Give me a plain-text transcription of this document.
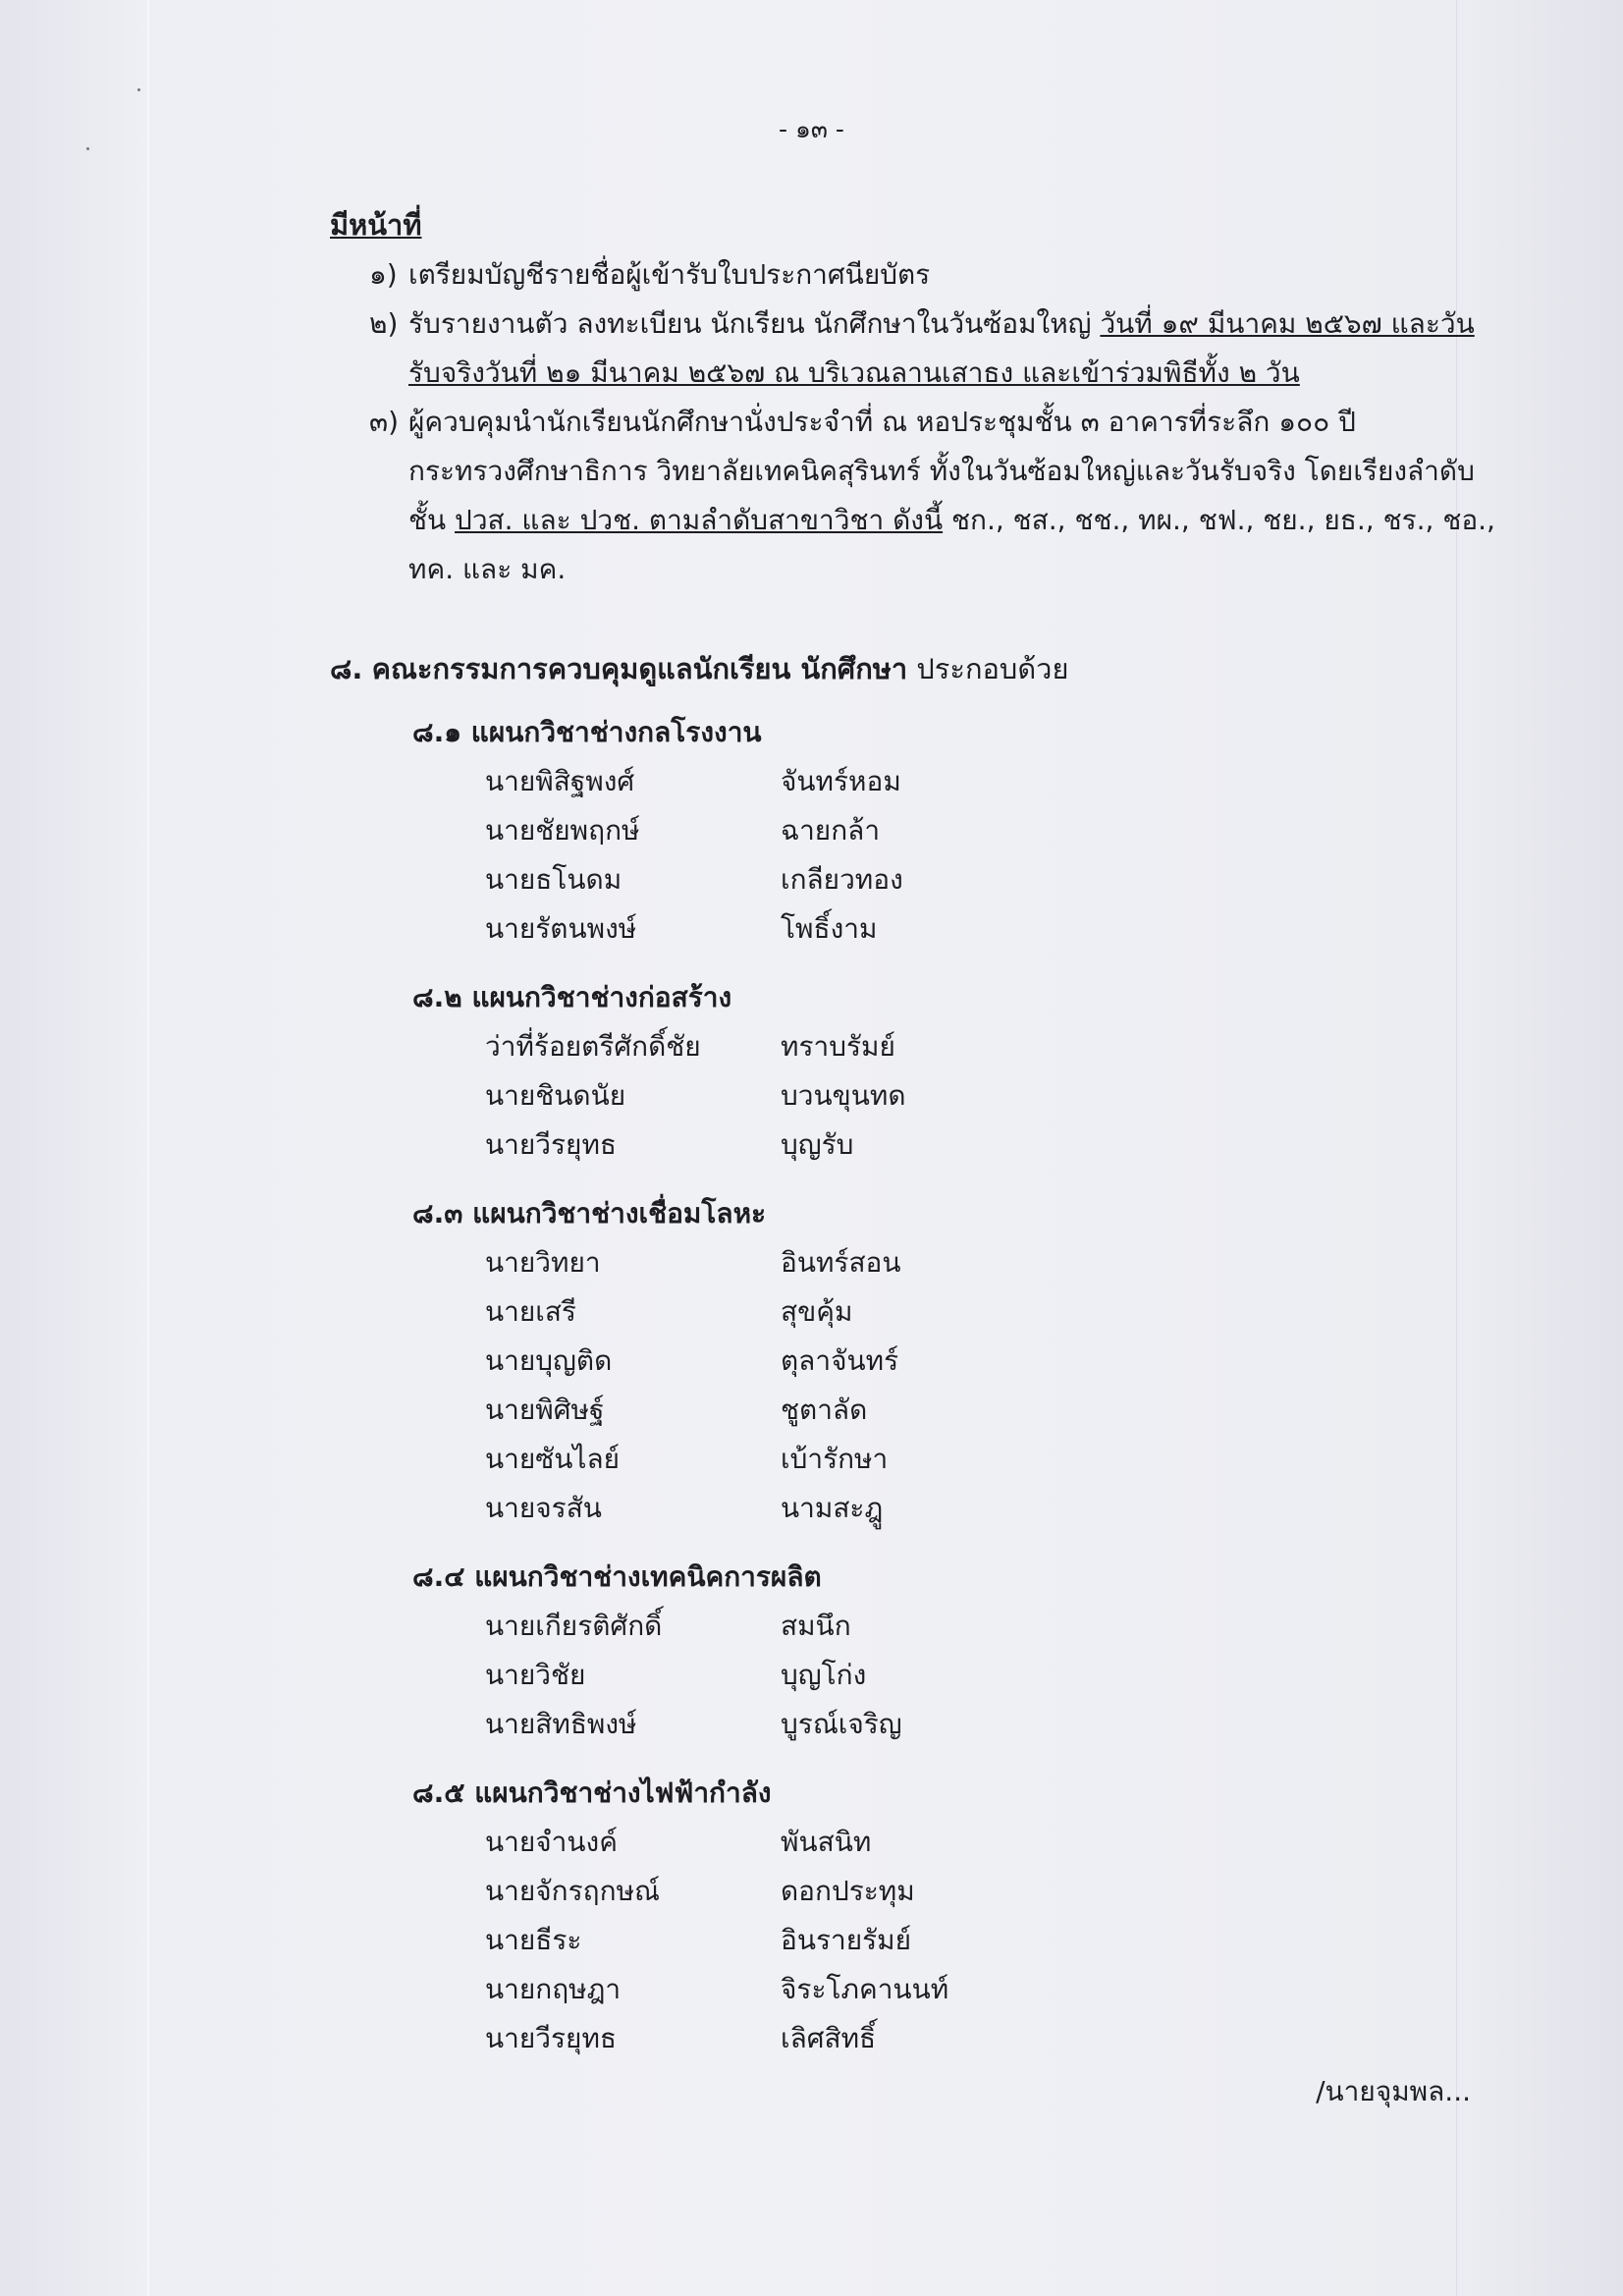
- ๑๓ -
มีหน้าที่
๑) เตรียมบัญชีรายชื่อผู้เข้ารับใบประกาศนียบัตร
๒) รับรายงานตัว ลงทะเบียน นักเรียน นักศึกษาในวันซ้อมใหญ่ วันที่ ๑๙ มีนาคม ๒๕๖๗ และวัน
รับจริงวันที่ ๒๑ มีนาคม ๒๕๖๗ ณ บริเวณลานเสาธง และเข้าร่วมพิธีทั้ง ๒ วัน
๓) ผู้ควบคุมนำนักเรียนนักศึกษานั่งประจำที่ ณ หอประชุมชั้น ๓ อาคารที่ระลึก ๑๐๐ ปี
กระทรวงศึกษาธิการ วิทยาลัยเทคนิคสุรินทร์ ทั้งในวันซ้อมใหญ่และวันรับจริง โดยเรียงลำดับ
ชั้น ปวส. และ ปวช. ตามลำดับสาขาวิชา ดังนี้ ชก., ชส., ชช., ทผ., ชฟ., ชย., ยธ., ชร., ชอ.,
ทค. และ มค.
๘. คณะกรรมการควบคุมดูแลนักเรียน นักศึกษา ประกอบด้วย
๘.๑ แผนกวิชาช่างกลโรงงาน
นายพิสิฐพงศ์	จันทร์หอม
นายชัยพฤกษ์	ฉายกล้า
นายธโนดม	เกลียวทอง
นายรัตนพงษ์	โพธิ์งาม
๘.๒ แผนกวิชาช่างก่อสร้าง
ว่าที่ร้อยตรีศักดิ์ชัย	ทราบรัมย์
นายชินดนัย	บวนขุนทด
นายวีรยุทธ	บุญรับ
๘.๓ แผนกวิชาช่างเชื่อมโลหะ
นายวิทยา	อินทร์สอน
นายเสรี	สุขคุ้ม
นายบุญติด	ตุลาจันทร์
นายพิศิษฐ์	ชูตาลัด
นายซันไลย์	เบ้ารักษา
นายจรสัน	นามสะฎู
๘.๔ แผนกวิชาช่างเทคนิคการผลิต
นายเกียรติศักดิ์	สมนึก
นายวิชัย	บุญโก่ง
นายสิทธิพงษ์	บูรณ์เจริญ
๘.๕ แผนกวิชาช่างไฟฟ้ากำลัง
นายจำนงค์	พันสนิท
นายจักรฤกษณ์	ดอกประทุม
นายธีระ	อินรายรัมย์
นายกฤษฎา	จิระโภคานนท์
นายวีรยุทธ	เลิศสิทธิ์
/นายจุมพล...
